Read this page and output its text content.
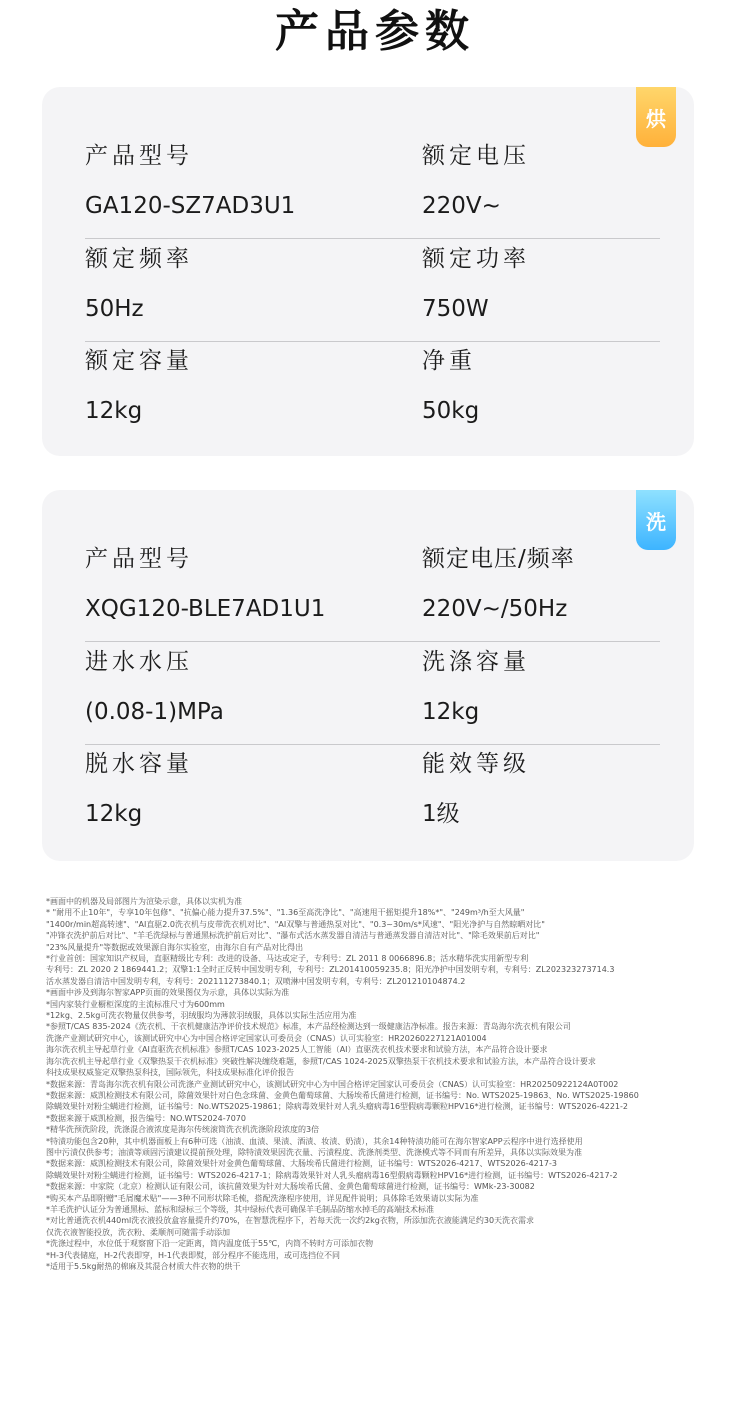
产品参数
烘
产品型号
GA120-SZ7AD3U1
额定电压
220V~
额定频率
50Hz
额定功率
750W
额定容量
12kg
净重
50kg
洗
产品型号
XQG120-BLE7AD1U1
额定电压/频率
220V~/50Hz
进水水压
(0.08-1)MPa
洗涤容量
12kg
脱水容量
12kg
能效等级
1级
*画面中的机器及局部图片为渲染示意，具体以实机为准
* "耐用不止10年"，专享10年包修"、"抗偏心能力提升37.5%"、"1.36至高洗净比"、"高速甩干摇矩提升18%*"、"249m³/h至大风量"
"1400r/min超高转速"、"AI直驱2.0洗衣机与皮带洗衣机对比"、"AI双擎与普通热泵对比"、"0.3~30m/s*风速"、"阳光净护与自然晾晒对比"
"冲锋衣洗护前后对比"、"羊毛洗绿标与普通黑标洗护前后对比"、"瀑布式活水蒸发器自清洁与普通蒸发器自清洁对比"、"除毛效果前后对比"
"23%风量提升"等数据或效果源自海尔实验室，由海尔自有产品对比得出
*行业首创：国家知识产权局，直驱精级比专利：改进的设备、马达或定子，专利号：ZL 2011 8 0066896.8；活水精华洗实用新型专利
专利号：ZL 2020 2 1869441.2；双擎1:1全时正反转中国发明专利，专利号：ZL201410059235.8；阳光净护中国发明专利，专利号：ZL202323273714.3
活水蒸发器自清洁中国发明专利，专利号：202111273840.1；双喷淋中国发明专利，专利号：ZL201210104874.2
*画面中涉及到海尔智家APP页面的效果图仅为示意，具体以实际为准
*国内家装行业橱柜深度的主流标准尺寸为600mm
*12kg、2.5kg可洗衣物量仅供参考，羽绒服均为薄款羽绒服，具体以实际生活应用为准
*参照T/CAS 835-2024《洗衣机、干衣机健康洁净评价技术规范》标准，本产品经检测达到一级健康洁净标准。报告来源：青岛海尔洗衣机有限公司
洗涤产业测试研究中心，该测试研究中心为中国合格评定国家认可委员会（CNAS）认可实验室：HR20260227121A01004
海尔洗衣机主导起草行业《AI直驱洗衣机标准》参照T/CAS 1023-2025人工智能（AI）直驱洗衣机技术要求和试验方法，本产品符合设计要求
海尔洗衣机主导起草行业《双擎热泵干衣机标准》突破性解决缠绕难题，参照T/CAS 1024-2025双擎热泵干衣机技术要求和试验方法，本产品符合设计要求
科技成果权威鉴定双擎热泵科技，国际领先，科技成果标准化评价报告
*数据来源：青岛海尔洗衣机有限公司洗涤产业测试研究中心，该测试研究中心为中国合格评定国家认可委员会（CNAS）认可实验室：HR20250922124A0T002
*数据来源：威凯检测技术有限公司，除菌效果针对白色念珠菌、金黄色葡萄球菌、大肠埃希氏菌进行检测，证书编号：No. WTS2025-19863、No. WTS2025-19860
除螨效果针对粉尘螨进行检测，证书编号：No.WTS2025-19861；除病毒效果针对人乳头瘤病毒16型假病毒颗粒HPV16*进行检测，证书编号：WTS2026-4221-2
*数据来源于威凯检测，报告编号：NO.WTS2024-7070
*精华洗预洗阶段，洗涤混合液浓度是海尔传统滚筒洗衣机洗涤阶段浓度的3倍
*特渍功能包含20种，其中机器面板上有6种可选（油渍、血渍、果渍、酒渍、妆渍、奶渍），其余14种特渍功能可在海尔智家APP云程序中进行选择使用
图中污渍仅供参考；油渍等顽固污渍建议提前预处理，除特渍效果因洗衣量、污渍程度、洗涤剂类型、洗涤模式等不同而有所差异，具体以实际效果为准
*数据来源：威凯检测技术有限公司，除菌效果针对金黄色葡萄球菌、大肠埃希氏菌进行检测，证书编号：WTS2026-4217、WTS2026-4217-3
除螨效果针对粉尘螨进行检测，证书编号：WTS2026-4217-1；除病毒效果针对人乳头瘤病毒16型假病毒颗粒HPV16*进行检测，证书编号：WTS2026-4217-2
*数据来源：中家院（北京）检测认证有限公司，该抗菌效果为针对大肠埃希氏菌、金黄色葡萄球菌进行检测，证书编号：WMk-23-30082
*购买本产品即附赠"毛屑魔术贴"——3种不同形状除毛梳，搭配洗涤程序使用，详见配件说明；具体除毛效果请以实际为准
*羊毛洗护认证分为普通黑标、蓝标和绿标三个等级，其中绿标代表可确保羊毛制品防缩水掉毛的高端技术标准
*对比普通洗衣机440ml洗衣液投放盒容量提升约70%，在智慧洗程序下，若每天洗一次约2kg衣物，所添加洗衣液能满足约30天洗衣需求
仅洗衣液智能投放，洗衣粉、柔顺剂可随需手动添加
*洗涤过程中，水位低于观察窗下沿一定距离，筒内温度低于55℃，内筒不转时方可添加衣物
*H-3代表储庭，H-2代表即穿，H-1代表即熨，部分程序不能选用，或可选挡位不同
*适用于5.5kg耐热的棉麻及其混合材质大件衣物的烘干
